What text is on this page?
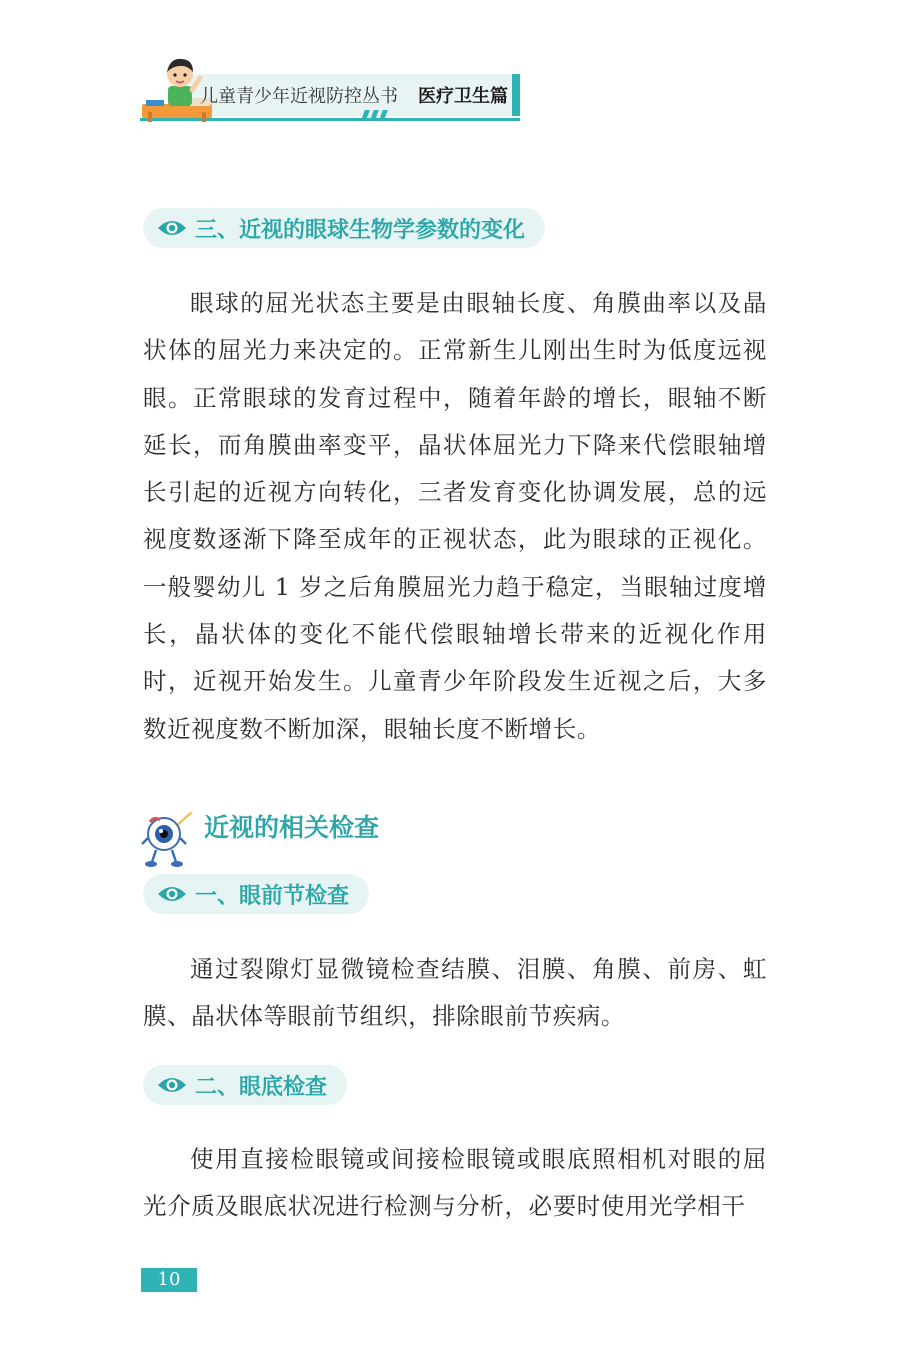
儿童青少年近视防控丛书 医疗卫生篇
三、近视的眼球生物学参数的变化

眼球的屈光状态主要是由眼轴长度、角膜曲率以及晶状体的屈光力来决定的。正常新生儿刚出生时为低度远视眼。正常眼球的发育过程中，随着年龄的增长，眼轴不断延长，而角膜曲率变平，晶状体屈光力下降来代偿眼轴增长引起的近视方向转化，三者发育变化协调发展，总的远视度数逐渐下降至成年的正视状态，此为眼球的正视化。一般婴幼儿 1 岁之后角膜屈光力趋于稳定，当眼轴过度增长，晶状体的变化不能代偿眼轴增长带来的近视化作用时，近视开始发生。儿童青少年阶段发生近视之后，大多数近视度数不断加深，眼轴长度不断增长。

近视的相关检查
一、眼前节检查

通过裂隙灯显微镜检查结膜、泪膜、角膜、前房、虹膜、晶状体等眼前节组织，排除眼前节疾病。

二、眼底检查

使用直接检眼镜或间接检眼镜或眼底照相机对眼的屈光介质及眼底状况进行检测与分析，必要时使用光学相干

10
